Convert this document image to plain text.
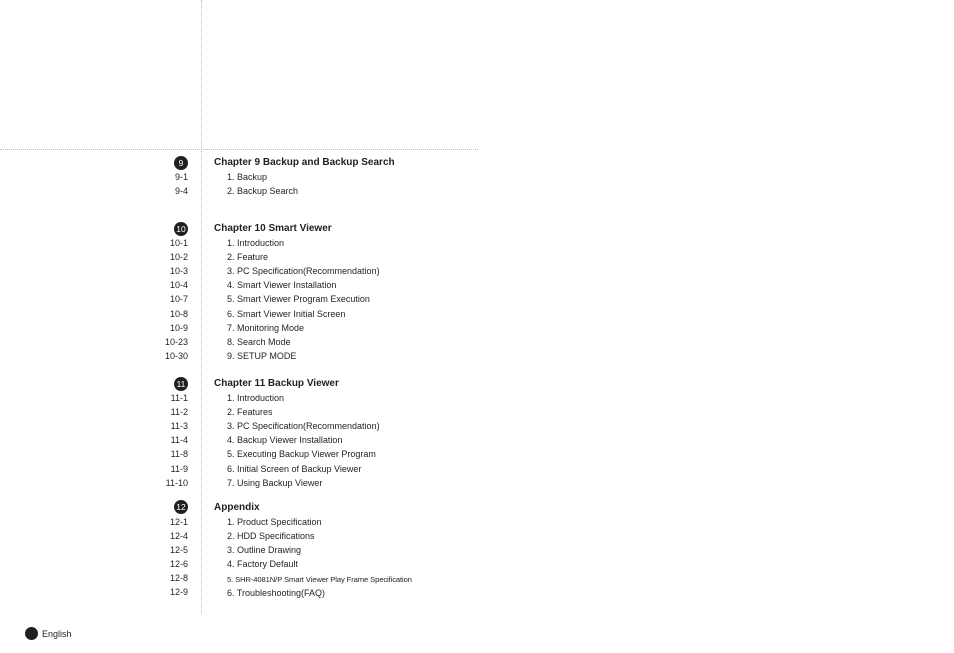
9	Chapter 9 Backup and Backup Search
9-1	1. Backup
9-4	2. Backup Search
10	Chapter 10 Smart Viewer
10-1	1. Introduction
10-2	2. Feature
10-3	3. PC Specification(Recommendation)
10-4	4. Smart Viewer Installation
10-7	5. Smart Viewer Program Execution
10-8	6. Smart Viewer Initial Screen
10-9	7. Monitoring Mode
10-23	8. Search Mode
10-30	9. SETUP MODE
11	Chapter 11 Backup Viewer
11-1	1. Introduction
11-2	2. Features
11-3	3. PC Specification(Recommendation)
11-4	4. Backup Viewer Installation
11-8	5. Executing Backup Viewer Program
11-9	6. Initial Screen of Backup Viewer
11-10	7. Using Backup Viewer
12	Appendix
12-1	1. Product Specification
12-4	2. HDD Specifications
12-5	3. Outline Drawing
12-6	4. Factory Default
12-8	5. SHR-4081N/P Smart Viewer Play Frame Specification
12-9	6. Troubleshooting(FAQ)
English
